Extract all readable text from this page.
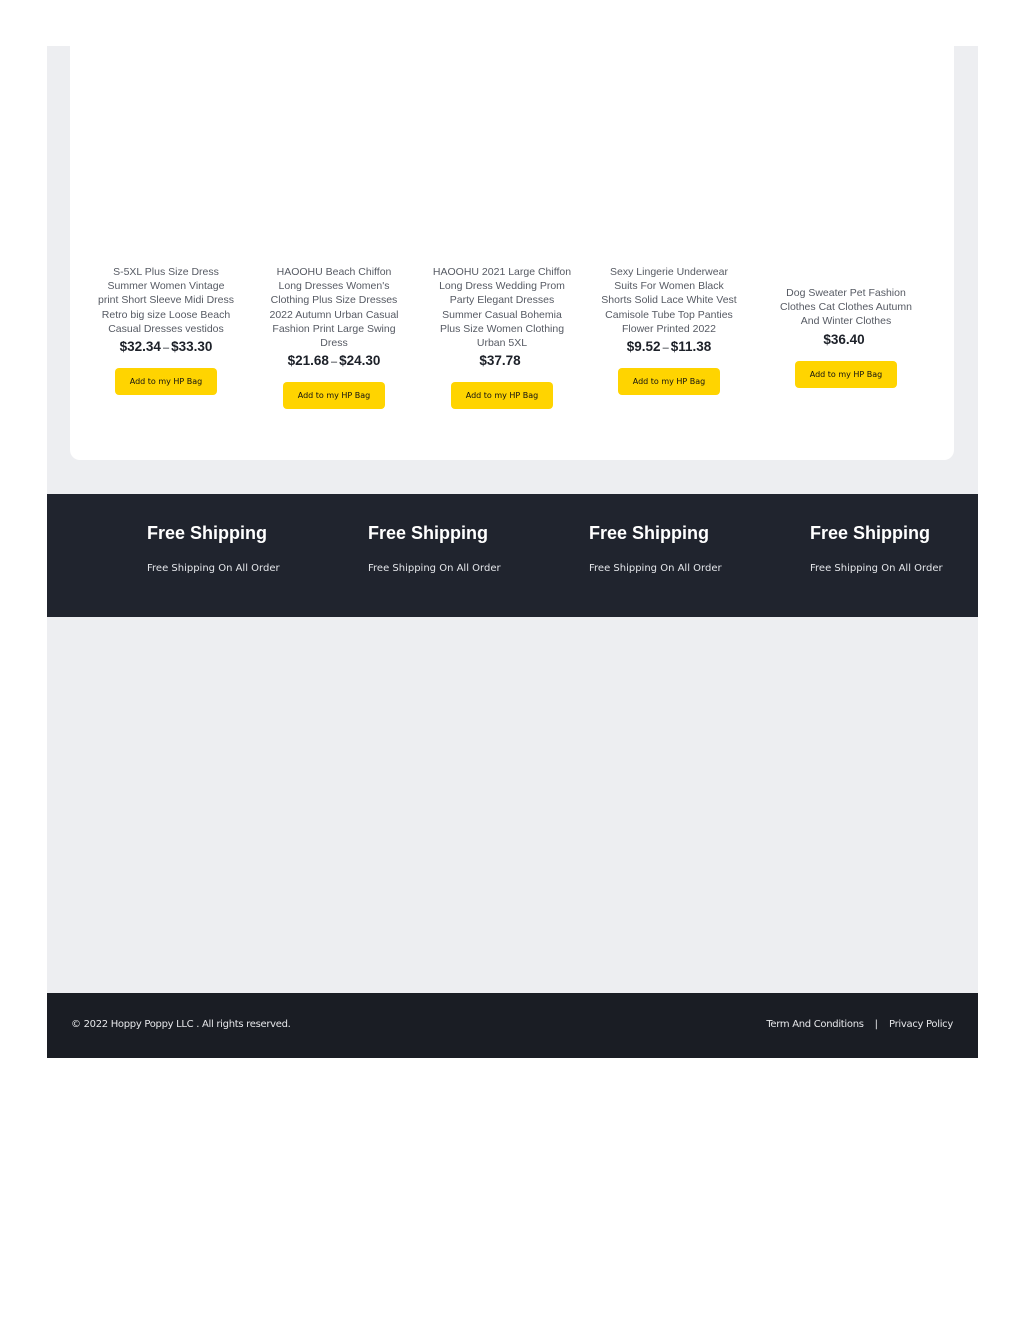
S-5XL Plus Size Dress Summer Women Vintage print Short Sleeve Midi Dress Retro big size Loose Beach Casual Dresses vestidos
$32.34 – $33.30
Add to my HP Bag
HAOOHU Beach Chiffon Long Dresses Women's Clothing Plus Size Dresses 2022 Autumn Urban Casual Fashion Print Large Swing Dress
$21.68 – $24.30
Add to my HP Bag
HAOOHU 2021 Large Chiffon Long Dress Wedding Prom Party Elegant Dresses Summer Casual Bohemia Plus Size Women Clothing Urban 5XL
$37.78
Add to my HP Bag
Sexy Lingerie Underwear Suits For Women Black Shorts Solid Lace White Vest Camisole Tube Top Panties Flower Printed 2022
$9.52 – $11.38
Add to my HP Bag
Dog Sweater Pet Fashion Clothes Cat Clothes Autumn And Winter Clothes
$36.40
Add to my HP Bag
Free Shipping
Free Shipping On All Order
Free Shipping
Free Shipping On All Order
Free Shipping
Free Shipping On All Order
Free Shipping
Free Shipping On All Order
© 2022 Hoppy Poppy LLC . All rights reserved.	Term And Conditions | Privacy Policy
